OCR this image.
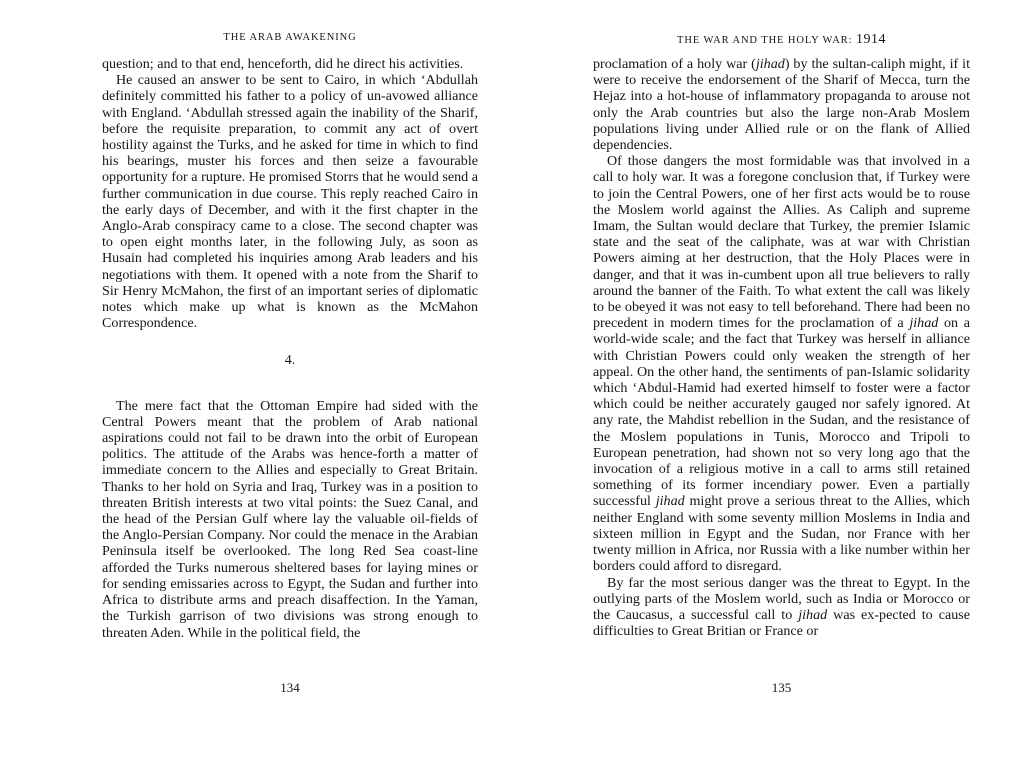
THE ARAB AWAKENING

question; and to that end, henceforth, did he direct his activities.

He caused an answer to be sent to Cairo, in which ‘Abdullah definitely committed his father to a policy of un-avowed alliance with England. ‘Abdullah stressed again the inability of the Sharif, before the requisite preparation, to commit any act of overt hostility against the Turks, and he asked for time in which to find his bearings, muster his forces and then seize a favourable opportunity for a rupture. He promised Storrs that he would send a further communication in due course. This reply reached Cairo in the early days of December, and with it the first chapter in the Anglo-Arab conspiracy came to a close. The second chapter was to open eight months later, in the following July, as soon as Husain had completed his inquiries among Arab leaders and his negotiations with them. It opened with a note from the Sharif to Sir Henry McMahon, the first of an important series of diplomatic notes which make up what is known as the McMahon Correspondence.

4.

The mere fact that the Ottoman Empire had sided with the Central Powers meant that the problem of Arab national aspirations could not fail to be drawn into the orbit of European politics. The attitude of the Arabs was hence-forth a matter of immediate concern to the Allies and especially to Great Britain. Thanks to her hold on Syria and Iraq, Turkey was in a position to threaten British interests at two vital points: the Suez Canal, and the head of the Persian Gulf where lay the valuable oil-fields of the Anglo-Persian Company. Nor could the menace in the Arabian Peninsula itself be overlooked. The long Red Sea coast-line afforded the Turks numerous sheltered bases for laying mines or for sending emissaries across to Egypt, the Sudan and further into Africa to distribute arms and preach disaffection. In the Yaman, the Turkish garrison of two divisions was strong enough to threaten Aden. While in the political field, the

134
THE WAR AND THE HOLY WAR: 1914

proclamation of a holy war (jihad) by the sultan-caliph might, if it were to receive the endorsement of the Sharif of Mecca, turn the Hejaz into a hot-house of inflammatory propaganda to arouse not only the Arab countries but also the large non-Arab Moslem populations living under Allied rule or on the flank of Allied dependencies.

Of those dangers the most formidable was that involved in a call to holy war. It was a foregone conclusion that, if Turkey were to join the Central Powers, one of her first acts would be to rouse the Moslem world against the Allies. As Caliph and supreme Imam, the Sultan would declare that Turkey, the premier Islamic state and the seat of the caliphate, was at war with Christian Powers aiming at her destruction, that the Holy Places were in danger, and that it was in-cumbent upon all true believers to rally around the banner of the Faith. To what extent the call was likely to be obeyed it was not easy to tell beforehand. There had been no precedent in modern times for the proclamation of a jihad on a world-wide scale; and the fact that Turkey was herself in alliance with Christian Powers could only weaken the strength of her appeal. On the other hand, the sentiments of pan-Islamic solidarity which ‘Abdul-Hamid had exerted himself to foster were a factor which could be neither accurately gauged nor safely ignored. At any rate, the Mahdist rebellion in the Sudan, and the resistance of the Moslem populations in Tunis, Morocco and Tripoli to European penetration, had shown not so very long ago that the invocation of a religious motive in a call to arms still retained something of its former incendiary power. Even a partially successful jihad might prove a serious threat to the Allies, which neither England with some seventy million Moslems in India and sixteen million in Egypt and the Sudan, nor France with her twenty million in Africa, nor Russia with a like number within her borders could afford to disregard.

By far the most serious danger was the threat to Egypt. In the outlying parts of the Moslem world, such as India or Morocco or the Caucasus, a successful call to jihad was ex-pected to cause difficulties to Great Britian or France or

135
